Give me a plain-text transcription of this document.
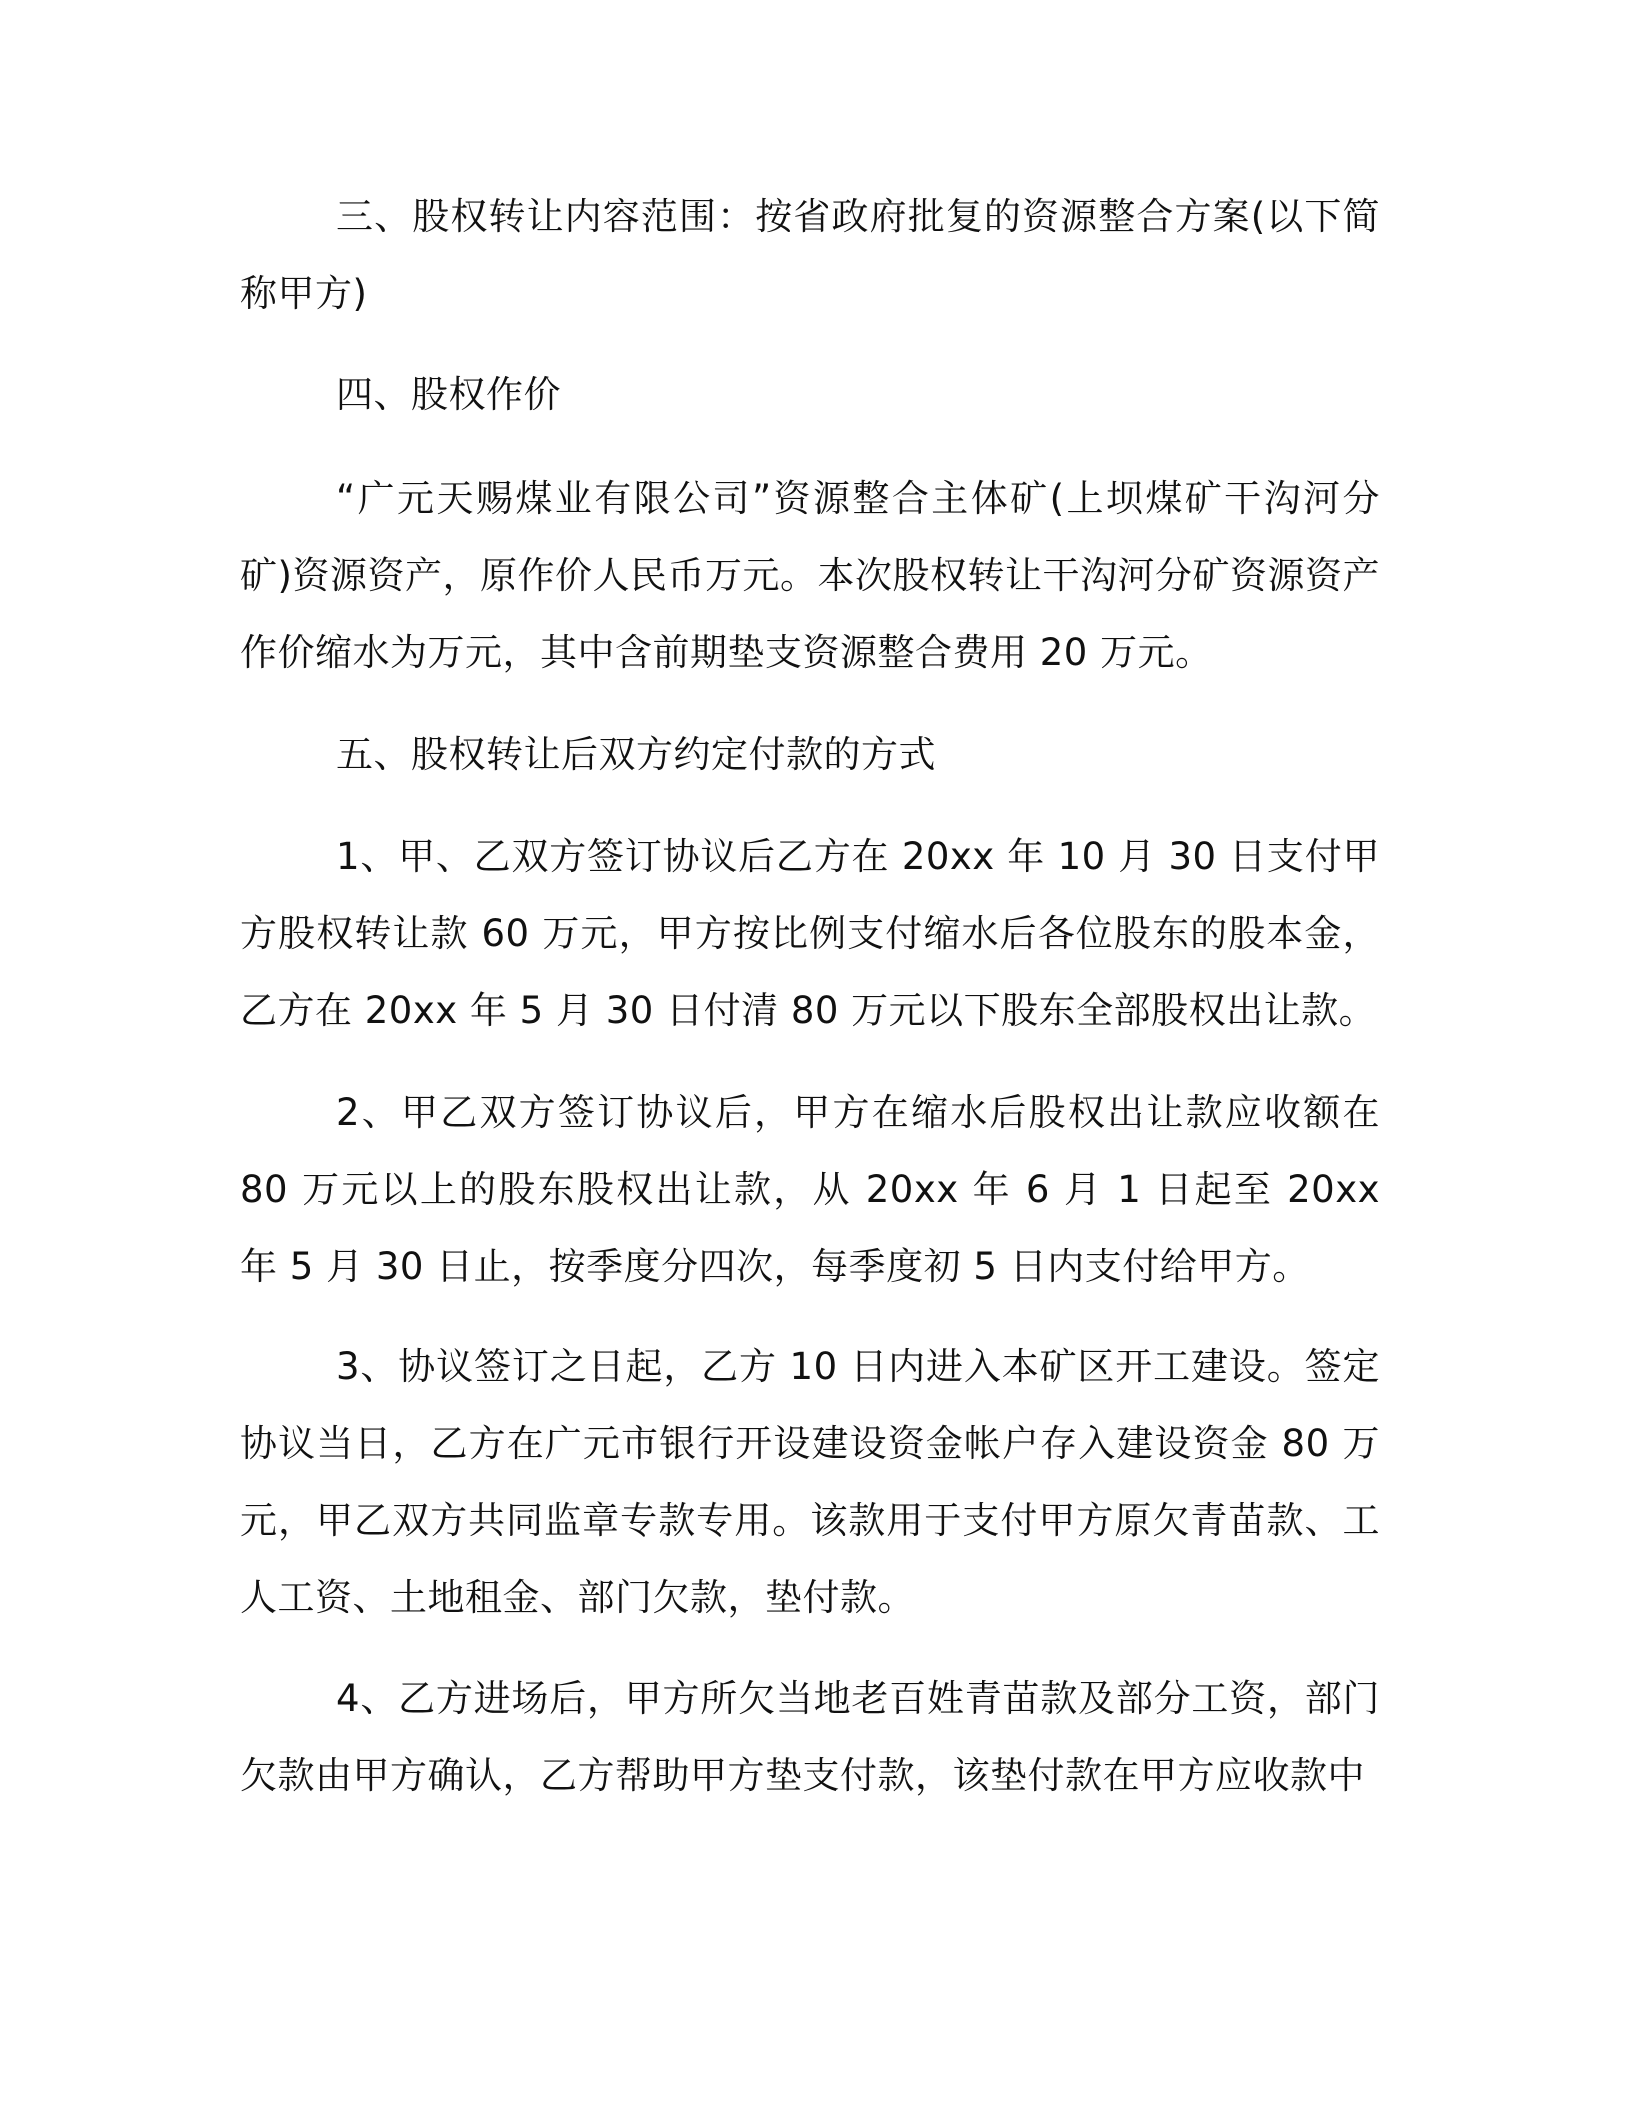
三、股权转让内容范围：按省政府批复的资源整合方案(以下简称甲方)

四、股权作价

“广元天赐煤业有限公司”资源整合主体矿(上坝煤矿干沟河分矿)资源资产，原作价人民币万元。本次股权转让干沟河分矿资源资产作价缩水为万元，其中含前期垫支资源整合费用 20 万元。

五、股权转让后双方约定付款的方式

1、甲、乙双方签订协议后乙方在 20xx 年 10 月 30 日支付甲方股权转让款 60 万元，甲方按比例支付缩水后各位股东的股本金，乙方在 20xx 年 5 月 30 日付清 80 万元以下股东全部股权出让款。

2、甲乙双方签订协议后，甲方在缩水后股权出让款应收额在 80 万元以上的股东股权出让款，从 20xx 年 6 月 1 日起至 20xx 年 5 月 30 日止，按季度分四次，每季度初 5 日内支付给甲方。

3、协议签订之日起，乙方 10 日内进入本矿区开工建设。签定协议当日，乙方在广元市银行开设建设资金帐户存入建设资金 80 万元，甲乙双方共同监章专款专用。该款用于支付甲方原欠青苗款、工人工资、土地租金、部门欠款，垫付款。

4、乙方进场后，甲方所欠当地老百姓青苗款及部分工资，部门欠款由甲方确认，乙方帮助甲方垫支付款，该垫付款在甲方应收款中
